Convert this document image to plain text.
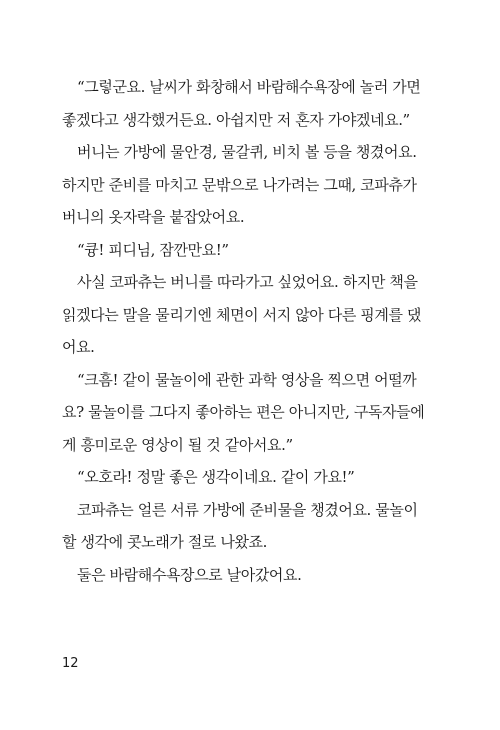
“그렇군요. 날씨가 화창해서 바람해수욕장에 놀러 가면
좋겠다고 생각했거든요. 아쉽지만 저 혼자 가야겠네요.”
버니는 가방에 물안경, 물갈퀴, 비치 볼 등을 챙겼어요.
하지만 준비를 마치고 문밖으로 나가려는 그때, 코파츄가
버니의 옷자락을 붙잡았어요.
“큥! 피디님, 잠깐만요!”
사실 코파츄는 버니를 따라가고 싶었어요. 하지만 책을
읽겠다는 말을 물리기엔 체면이 서지 않아 다른 핑계를 댔
어요.
“크흠! 같이 물놀이에 관한 과학 영상을 찍으면 어떨까
요? 물놀이를 그다지 좋아하는 편은 아니지만, 구독자들에
게 흥미로운 영상이 될 것 같아서요.”
“오호라! 정말 좋은 생각이네요. 같이 가요!”
코파츄는 얼른 서류 가방에 준비물을 챙겼어요. 물놀이
할 생각에 콧노래가 절로 나왔죠.
둘은 바람해수욕장으로 날아갔어요.
12
